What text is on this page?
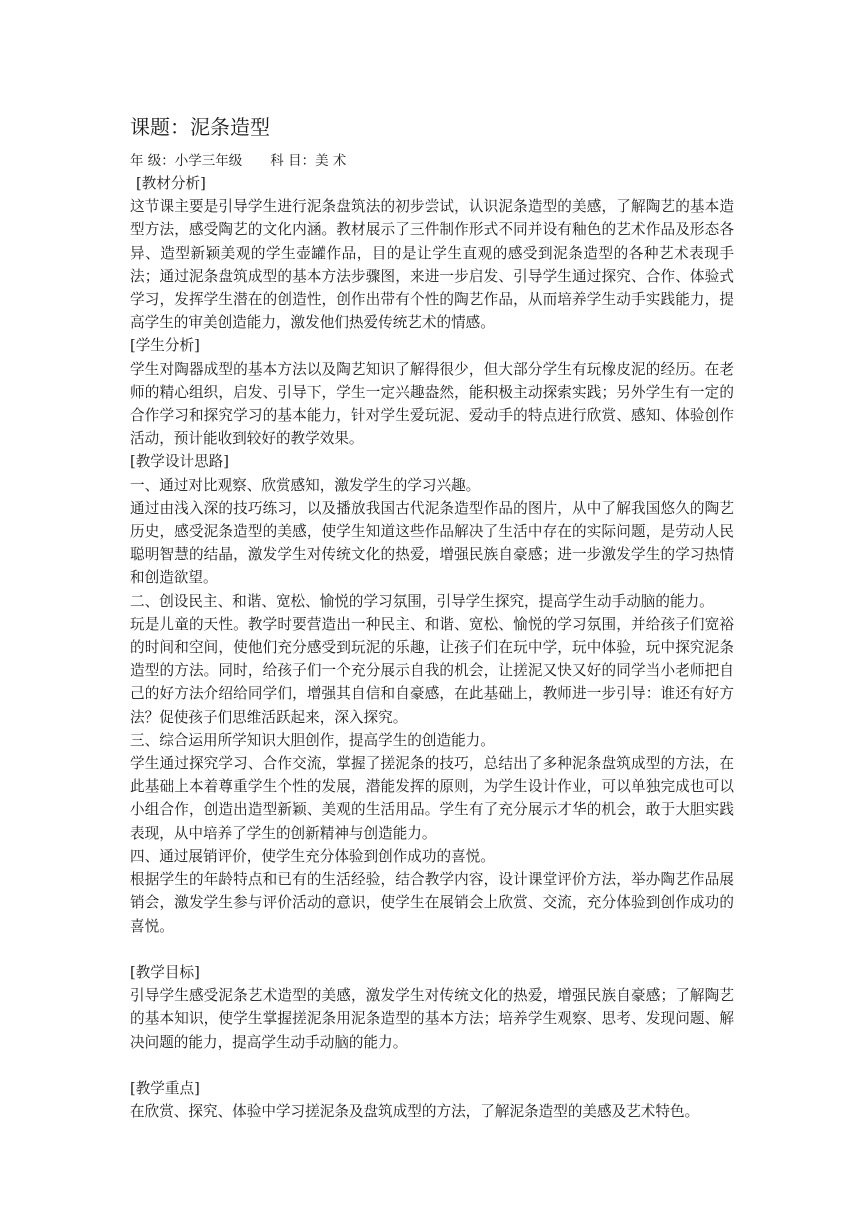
课题：泥条造型
年 级：小学三年级 科 目：美 术

[教材分析]

这节课主要是引导学生进行泥条盘筑法的初步尝试，认识泥条造型的美感，了解陶艺的基本造型方法，感受陶艺的文化内涵。教材展示了三件制作形式不同并设有釉色的艺术作品及形态各异、造型新颖美观的学生壶罐作品，目的是让学生直观的感受到泥条造型的各种艺术表现手法；通过泥条盘筑成型的基本方法步骤图，来进一步启发、引导学生通过探究、合作、体验式学习，发挥学生潜在的创造性，创作出带有个性的陶艺作品，从而培养学生动手实践能力，提高学生的审美创造能力，激发他们热爱传统艺术的情感。

[学生分析]

学生对陶器成型的基本方法以及陶艺知识了解得很少，但大部分学生有玩橡皮泥的经历。在老师的精心组织，启发、引导下，学生一定兴趣盎然，能积极主动探索实践；另外学生有一定的合作学习和探究学习的基本能力，针对学生爱玩泥、爱动手的特点进行欣赏、感知、体验创作活动，预计能收到较好的教学效果。

[教学设计思路]

一、通过对比观察、欣赏感知，激发学生的学习兴趣。

通过由浅入深的技巧练习，以及播放我国古代泥条造型作品的图片，从中了解我国悠久的陶艺历史，感受泥条造型的美感，使学生知道这些作品解决了生活中存在的实际问题，是劳动人民聪明智慧的结晶，激发学生对传统文化的热爱，增强民族自豪感；进一步激发学生的学习热情和创造欲望。

二、创设民主、和谐、宽松、愉悦的学习氛围，引导学生探究，提高学生动手动脑的能力。

玩是儿童的天性。教学时要营造出一种民主、和谐、宽松、愉悦的学习氛围，并给孩子们宽裕的时间和空间，使他们充分感受到玩泥的乐趣，让孩子们在玩中学，玩中体验，玩中探究泥条造型的方法。同时，给孩子们一个充分展示自我的机会，让搓泥又快又好的同学当小老师把自己的好方法介绍给同学们，增强其自信和自豪感，在此基础上，教师进一步引导：谁还有好方法？促使孩子们思维活跃起来，深入探究。

三、综合运用所学知识大胆创作，提高学生的创造能力。

学生通过探究学习、合作交流，掌握了搓泥条的技巧，总结出了多种泥条盘筑成型的方法，在此基础上本着尊重学生个性的发展，潜能发挥的原则，为学生设计作业，可以单独完成也可以小组合作，创造出造型新颖、美观的生活用品。学生有了充分展示才华的机会，敢于大胆实践表现，从中培养了学生的创新精神与创造能力。

四、通过展销评价，使学生充分体验到创作成功的喜悦。

根据学生的年龄特点和已有的生活经验，结合教学内容，设计课堂评价方法，举办陶艺作品展销会，激发学生参与评价活动的意识，使学生在展销会上欣赏、交流，充分体验到创作成功的喜悦。

[教学目标]

引导学生感受泥条艺术造型的美感，激发学生对传统文化的热爱，增强民族自豪感；了解陶艺的基本知识，使学生掌握搓泥条用泥条造型的基本方法；培养学生观察、思考、发现问题、解决问题的能力，提高学生动手动脑的能力。

[教学重点]

在欣赏、探究、体验中学习搓泥条及盘筑成型的方法，了解泥条造型的美感及艺术特色。
